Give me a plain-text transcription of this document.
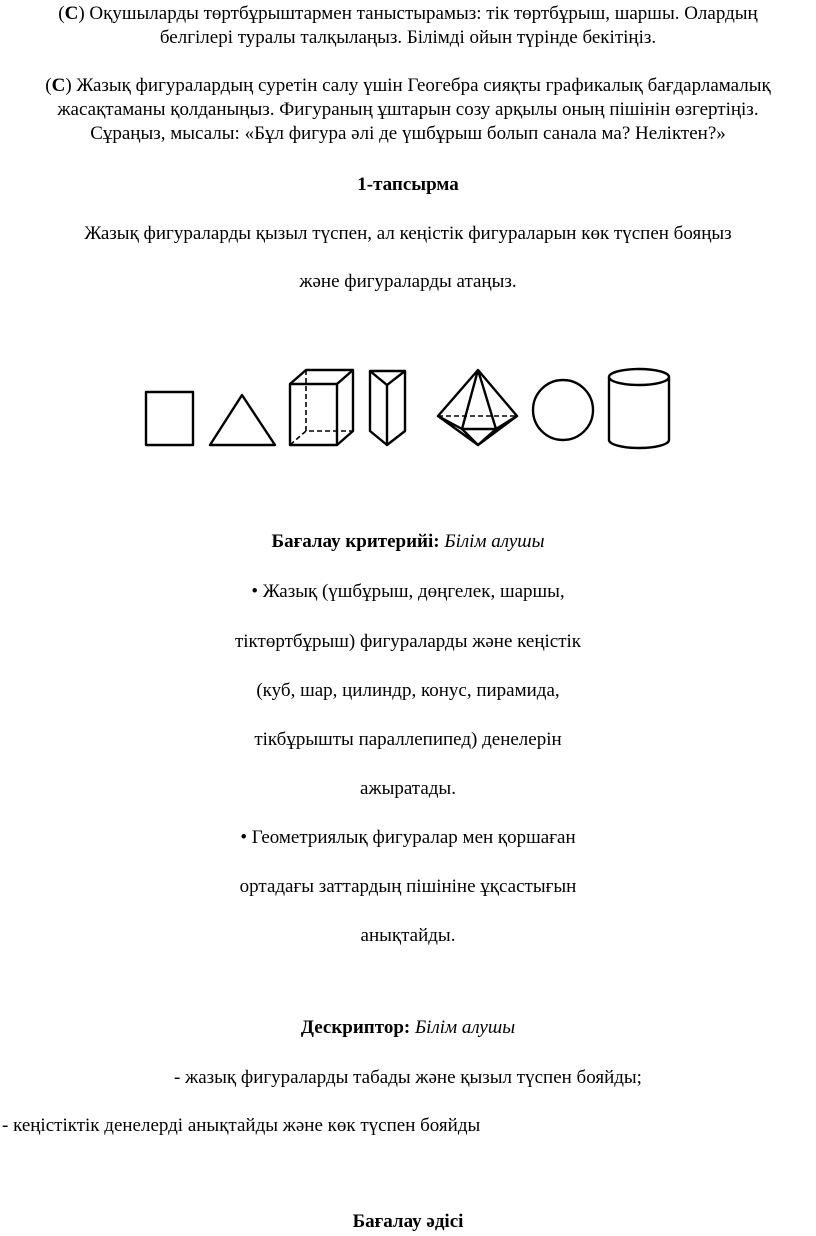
(С) Оқушыларды төртбұрыштармен таныстырамыз: тік төртбұрыш, шаршы. Олардың
белгілері туралы талқылаңыз. Білімді ойын түрінде бекітіңіз.
(С) Жазық фигуралардың суретін салу үшін Геогебра сияқты графикалық бағдарламалық
жасақтаманы қолданыңыз. Фигураның ұштарын созу арқылы оның пішінін өзгертіңіз.
Сұраңыз, мысалы: «Бұл фигура әлі де үшбұрыш болып санала ма? Неліктен?»
1-тапсырма
Жазық фигураларды қызыл түспен, ал кеңістік фигураларын көк түспен бояңыз
және фигураларды атаңыз.
Бағалау критерийі: Білім алушы
• Жазық (үшбұрыш, дөңгелек, шаршы,
тіктөртбұрыш) фигураларды және кеңістік
(куб, шар, цилиндр, конус, пирамида,
тікбұрышты параллепипед) денелерін
ажыратады.
• Геометриялық фигуралар мен қоршаған
ортадағы заттардың пішініне ұқсастығын
анықтайды.
Дескриптор: Білім алушы
- жазық фигураларды табады және қызыл түспен бояйды;
- кеңістіктік денелерді анықтайды және көк түспен бояйды
Бағалау әдісі
